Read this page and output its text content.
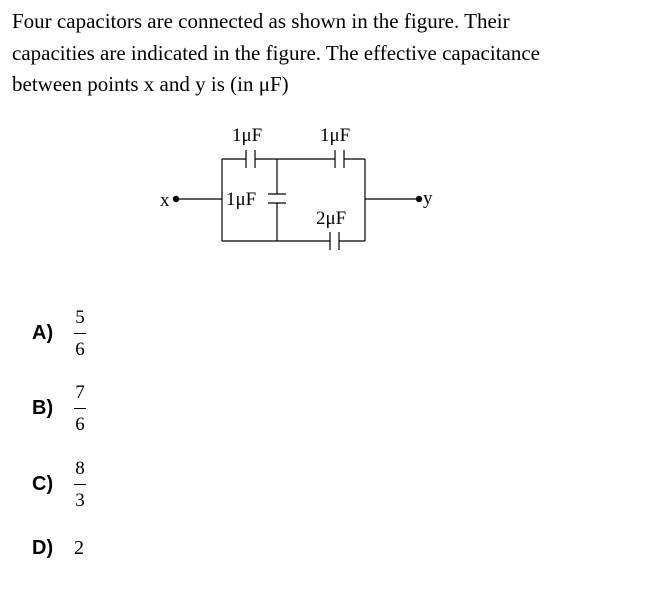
Four capacitors are connected as shown in the figure. Their
capacities are indicated in the figure. The effective capacitance
between points x and y is (in μF)
x	y
1μF	1μF
1μF
2μF
A)	$\frac{5}{6}$
B)	$\frac{7}{6}$
C)	$\frac{8}{3}$
D)	2
